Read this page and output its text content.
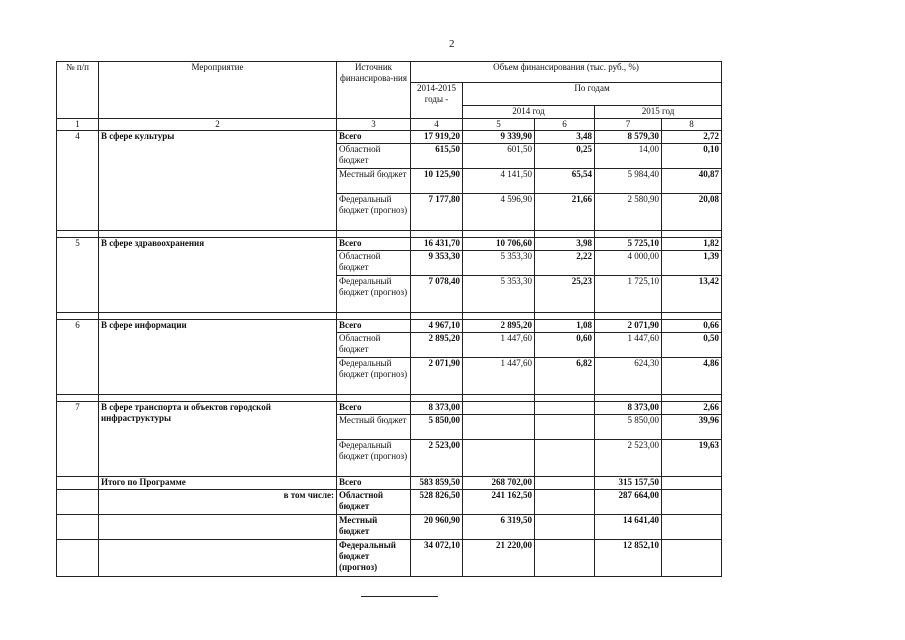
2
№ п/п	Мероприятие	Источник финансирова-ния	Объем финансирования (тыс. руб., %)				
			2014-2015 годы -	По годам			
				2014 год		2015 год	
1	2	3	4	5	6	7	8
4	В сфере культуры	Всего	17 919,20	9 339,90	3,48	8 579,30	2,72
		Областной бюджет	615,50	601,50	0,25	14,00	0,10
		Местный бюджет	10 125,90	4 141,50	65,54	5 984,40	40,87
		Федеральный бюджет (прогноз)	7 177,80	4 596,90	21,66	2 580,90	20,08

5	В сфере здравоохранения	Всего	16 431,70	10 706,60	3,98	5 725,10	1,82
		Областной бюджет	9 353,30	5 353,30	2,22	4 000,00	1,39
		Федеральный бюджет (прогноз)	7 078,40	5 353,30	25,23	1 725,10	13,42

6	В сфере информации	Всего	4 967,10	2 895,20	1,08	2 071,90	0,66
		Областной бюджет	2 895,20	1 447,60	0,60	1 447,60	0,50
		Федеральный бюджет (прогноз)	2 071,90	1 447,60	6,82	624,30	4,86

7	В сфере транспорта и объектов городской инфраструктуры	Всего	8 373,00			8 373,00	2,66
		Местный бюджет	5 850,00			5 850,00	39,96
		Федеральный бюджет (прогноз)	2 523,00			2 523,00	19,63
	Итого по Программе	Всего	583 859,50	268 702,00		315 157,50	
	в том числе:	Областной бюджет	528 826,50	241 162,50		287 664,00	
		Местный бюджет	20 960,90	6 319,50		14 641,40	
		Федеральный бюджет (прогноз)	34 072,10	21 220,00		12 852,10	
